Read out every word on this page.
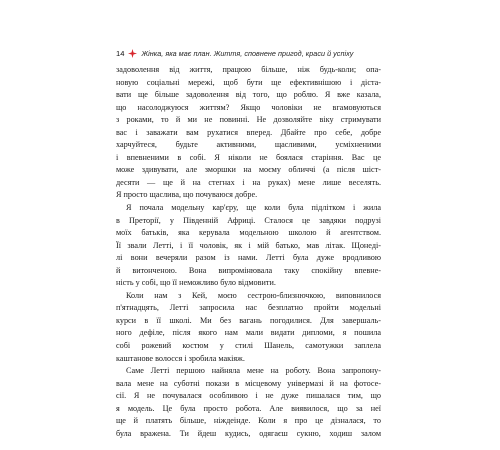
14 Жінка, яка має план. Життя, сповнене пригод, краси й успіху
задоволення від життя, працюю більше, ніж будь-коли; опа-
новую соціальні мережі, щоб бути ще ефективнішою і діста-
вати ще більше задоволення від того, що роблю. Я вже казала,
що насолоджуюся життям? Якщо чоловіки не вгамовуються
з роками, то й ми не повинні. Не дозволяйте віку стримувати
вас і заважати вам рухатися вперед. Дбайте про себе, добре
харчуйтеся, будьте активними, щасливими, усміхненими
і впевненими в собі. Я ніколи не боялася старіння. Вас це
може здивувати, але зморшки на моєму обличчі (а після шіст-
десяти — ще й на стегнах і на руках) мене лише веселять.
Я просто щаслива, що почуваюся добре.
Я почала модельну кар'єру, ще коли була підлітком і жила
в Преторії, у Південній Африці. Сталося це завдяки подрузі
моїх батьків, яка керувала модельною школою й агентством.
Її звали Летті, і її чоловік, як і мій батько, мав літак. Щонеді-
лі вони вечеряли разом із нами. Летті була дуже вродливою
й витонченою. Вона випромінювала таку спокійну впевне-
ність у собі, що її неможливо було відмовити.
Коли нам з Кей, моєю сестрою-близнючкою, виповнилося
п'ятнадцять, Летті запросила нас безплатно пройти модельні
курси в її школі. Ми без вагань погодилися. Для завершаль-
ного дефіле, після якого нам мали видати дипломи, я пошила
собі рожевий костюм у стилі Шанель, самотужки заплела
каштанове волосся і зробила макіяж.
Саме Летті першою найняла мене на роботу. Вона запропону-
вала мене на суботні покази в місцевому універмазі й на фотосе-
сії. Я не почувалася особливою і не дуже пишалася тим, що
я модель. Це була просто робота. Але виявилося, що за неї
ще й платять більше, ніждеінде. Коли я про це дізналася, то
була вражена. Ти йдеш кудись, одягаєш сукню, ходиш залом
